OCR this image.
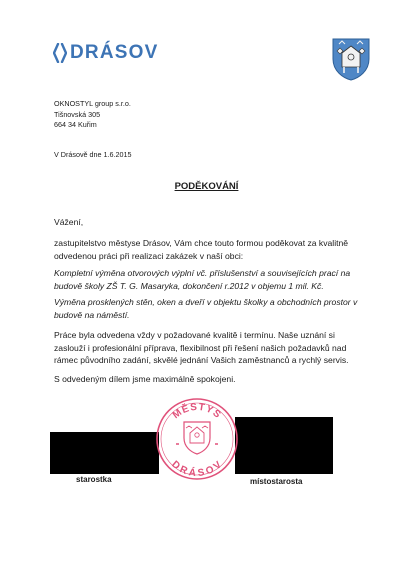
DRÁSOV
OKNOSTYL group s.r.o.
Tišnovská 305
664 34 Kuřim

V Drásově dne 1.6.2015

PODĚKOVÁNÍ

Vážení,

zastupitelstvo městyse Drásov, Vám chce touto formou poděkovat za kvalitně odvedenou práci při realizaci zakázek v naší obci:

Kompletní výměna otvorových výplní vč. příslušenství a souvisejících prací na budově školy ZŠ T. G. Masaryka, dokončení r.2012 v objemu 1 mil. Kč.

Výměna prosklených stěn, oken a dveří v objektu školky a obchodních prostor v budově na náměstí.

Práce byla odvedena vždy v požadované kvalitě i termínu. Naše uznání si zaslouží i profesionální příprava, flexibilnost při řešení našich požadavků nad rámec původního zadání, skvělé jednání Vašich zaměstnanců a rychlý servis.

S odvedeným dílem jsme maximálně spokojeni.

MĚSTYS
DRÁSOV

starostka	místostarosta
